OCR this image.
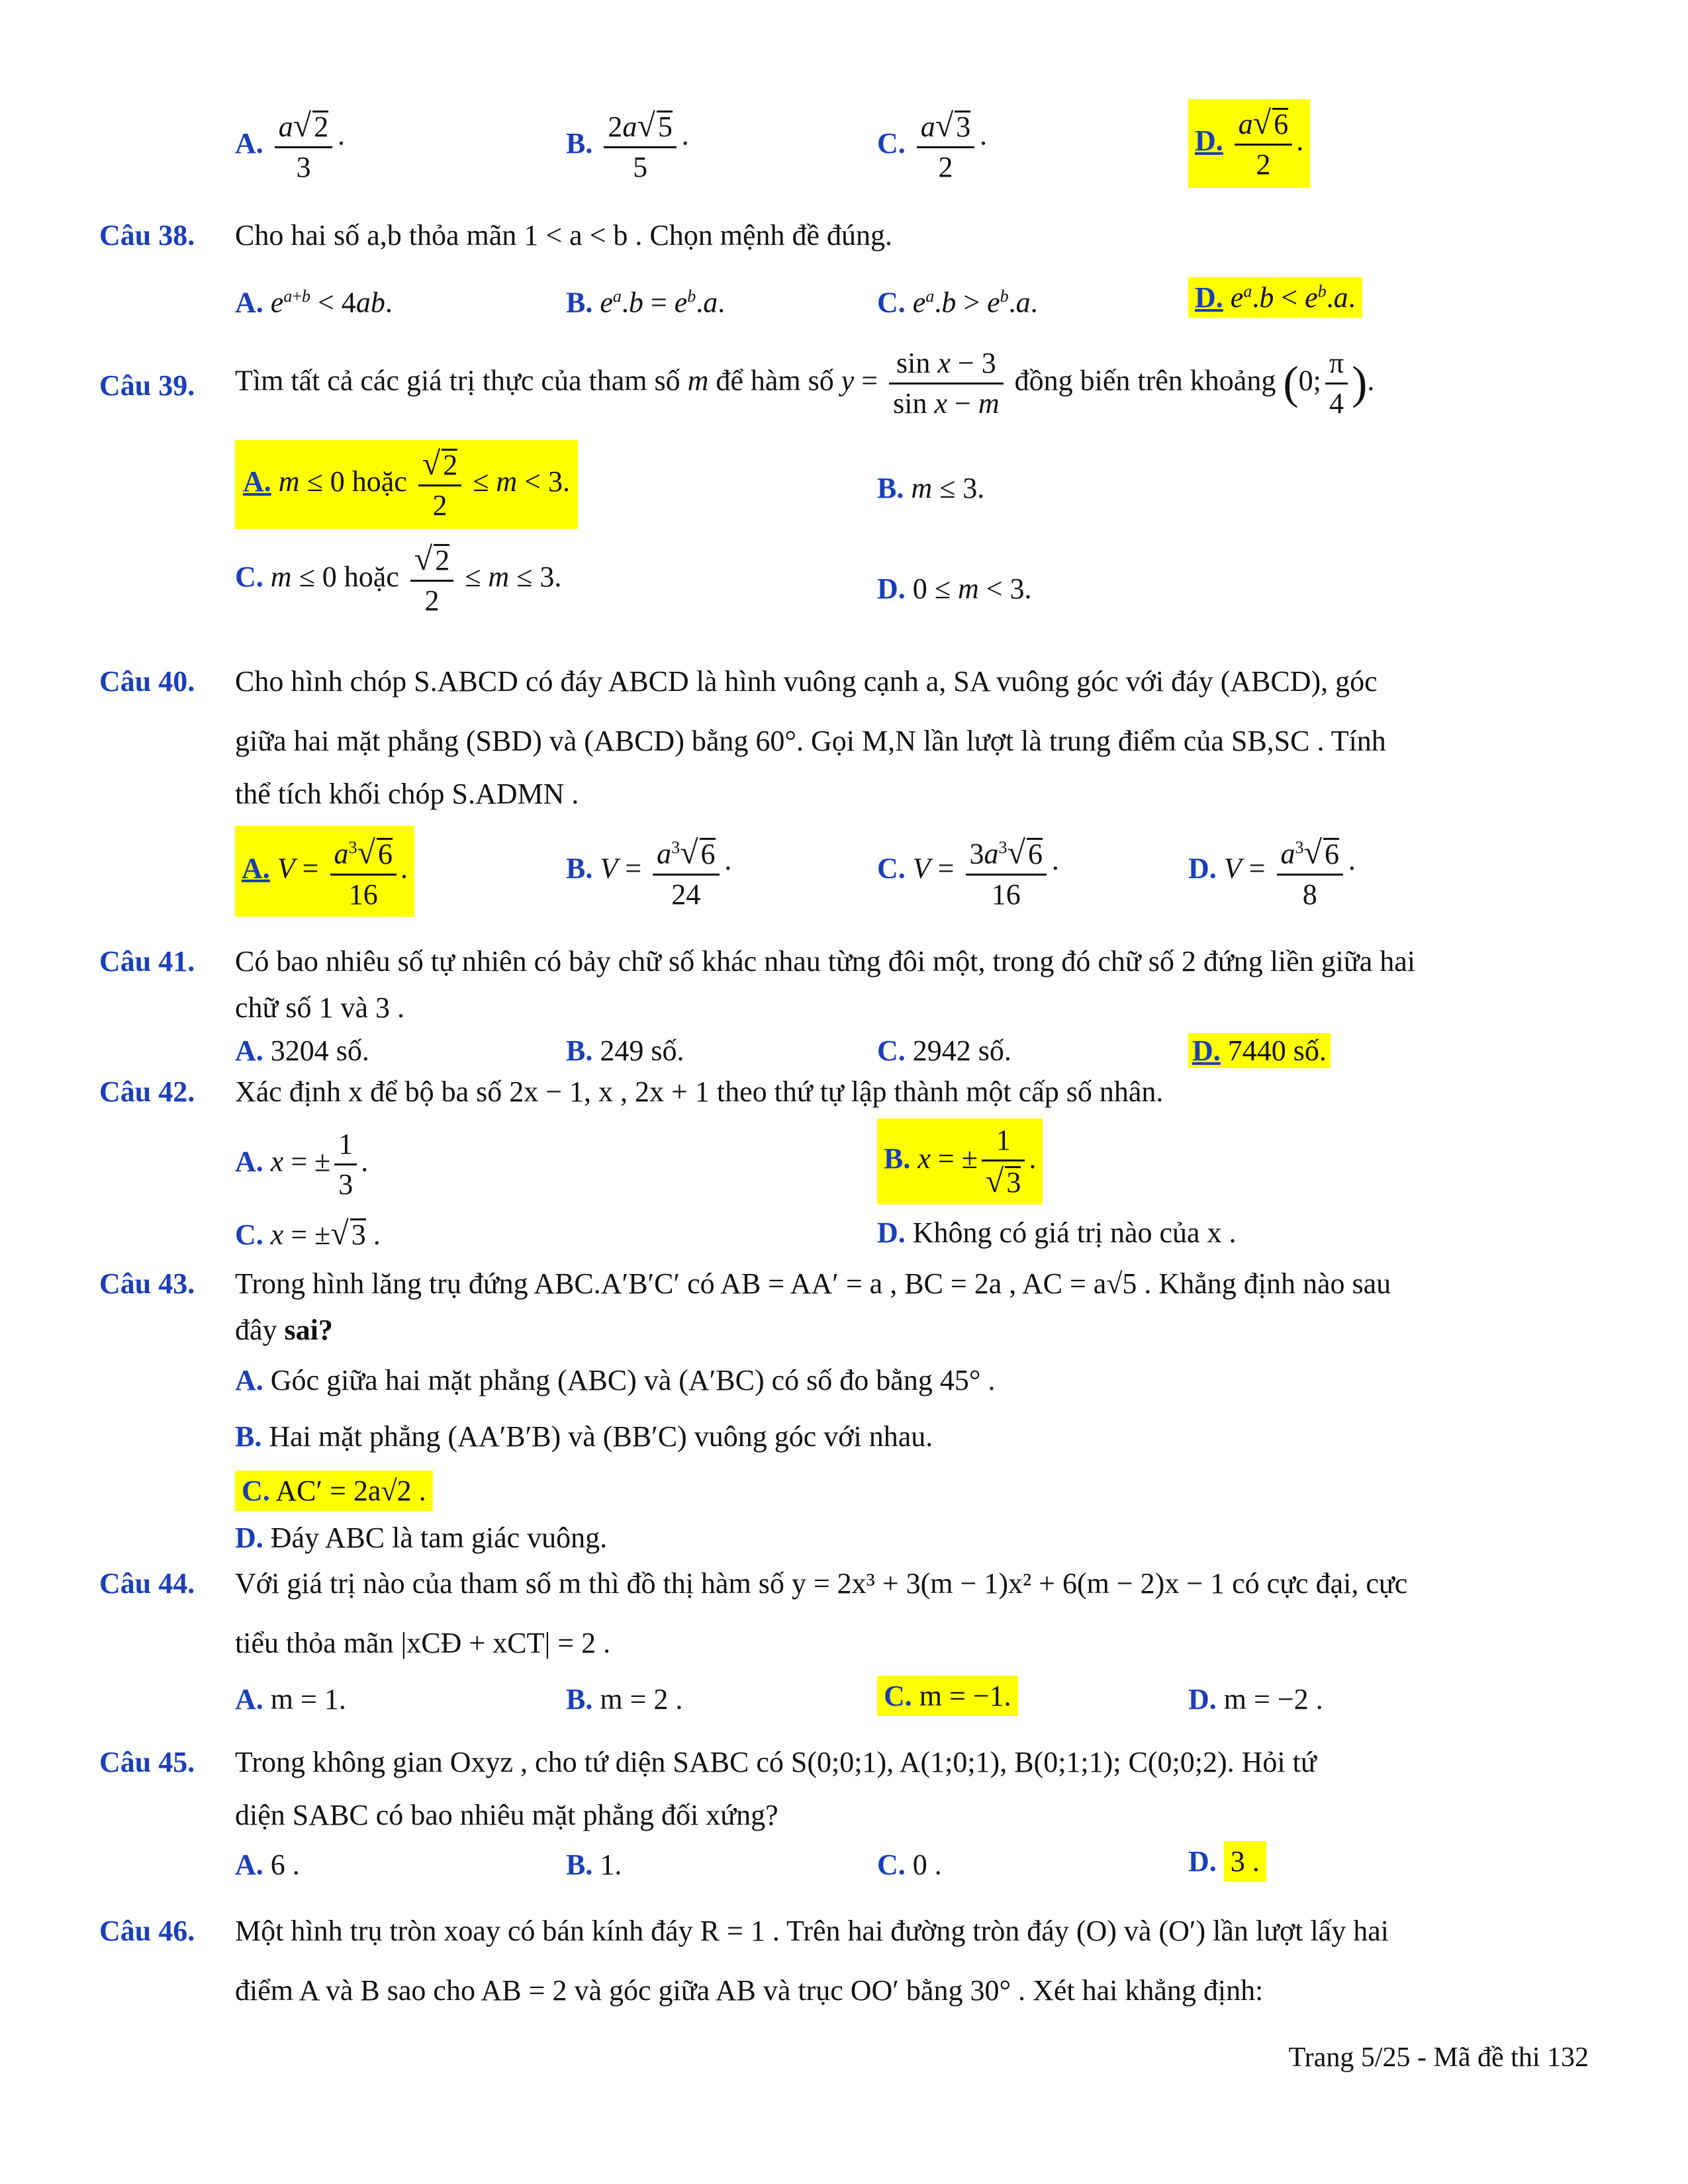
A. $\frac{a√2}{3}$ ·	B. $\frac{2a√5}{5}$ ·	C. $\frac{a√3}{2}$ ·	D. $\frac{a√6}{2}$ .
Câu 38. Cho hai số a,b thỏa mãn 1 < a < b . Chọn mệnh đề đúng.
A. $e^{a+b} < 4ab$.	B. $e^a.b = e^b.a$.	C. $e^a.b > e^b.a$.	D. $e^a.b < e^b.a$.
Câu 39. Tìm tất cả các giá trị thực của tham số m để hàm số $y = \frac{\text{sin x − 3}}{\text{sin x − m}}$ đồng biến trên khoảng (0; $\frac{\pi}{4}$ ).
A. m ≤ 0 hoặc $\frac{√2}{2} \le m < 3$.	B. m ≤ 3.
C. m ≤ 0 hoặc $\frac{√2}{2} \le m \le 3$.	D. 0 ≤ m < 3.
Câu 40. Cho hình chóp S.ABCD có đáy ABCD là hình vuông cạnh a, SA vuông góc với đáy (ABCD), góc
giữa hai mặt phẳng (SBD) và (ABCD) bằng 60°. Gọi M,N lần lượt là trung điểm của SB,SC . Tính
thể tích khối chóp S.ADMN .
A. $V = \frac{a^3√6}{16}$ .	B. $V = \frac{a^3√6}{24}$ ·	C. $V = \frac{3a^3√6}{16}$ ·	D. $V = \frac{a^3√6}{8}$ ·
Câu 41. Có bao nhiêu số tự nhiên có bảy chữ số khác nhau từng đôi một, trong đó chữ số 2 đứng liền giữa hai
chữ số 1 và 3 .
A. 3204 số.	B. 249 số.	C. 2942 số.	D. 7440 số.
Câu 42. Xác định x để bộ ba số 2x − 1, x , 2x + 1 theo thứ tự lập thành một cấp số nhân.
A. x = ± $\frac{1}{3}$ .	B. x = ± $\frac{1}{√3}$ .
C. x = ±√3 .	D. Không có giá trị nào của x .
Câu 43. Trong hình lăng trụ đứng ABC.A′B′C′ có AB = AA′ = a , BC = 2a , AC = a√5 . Khẳng định nào sau
đây sai?
A. Góc giữa hai mặt phẳng (ABC) và (A′BC) có số đo bằng 45° .
B. Hai mặt phẳng (AA′B′B) và (BB′C) vuông góc với nhau.
C. AC′ = 2a√2 .
D. Đáy ABC là tam giác vuông.
Câu 44. Với giá trị nào của tham số m thì đồ thị hàm số y = 2x³ + 3(m − 1)x² + 6(m − 2)x − 1 có cực đại, cực
tiểu thỏa mãn |xCĐ + xCT| = 2 .
A. m = 1.	B. m = 2 .	C. m = −1.	D. m = −2 .
Câu 45. Trong không gian Oxyz , cho tứ diện SABC có S(0;0;1), A(1;0;1), B(0;1;1); C(0;0;2). Hỏi tứ
diện SABC có bao nhiêu mặt phẳng đối xứng?
A. 6 .	B. 1.	C. 0 .	D. 3 .
Câu 46. Một hình trụ tròn xoay có bán kính đáy R = 1 . Trên hai đường tròn đáy (O) và (O′) lần lượt lấy hai
điểm A và B sao cho AB = 2 và góc giữa AB và trục OO′ bằng 30° . Xét hai khẳng định:
Trang 5/25 - Mã đề thi 132
